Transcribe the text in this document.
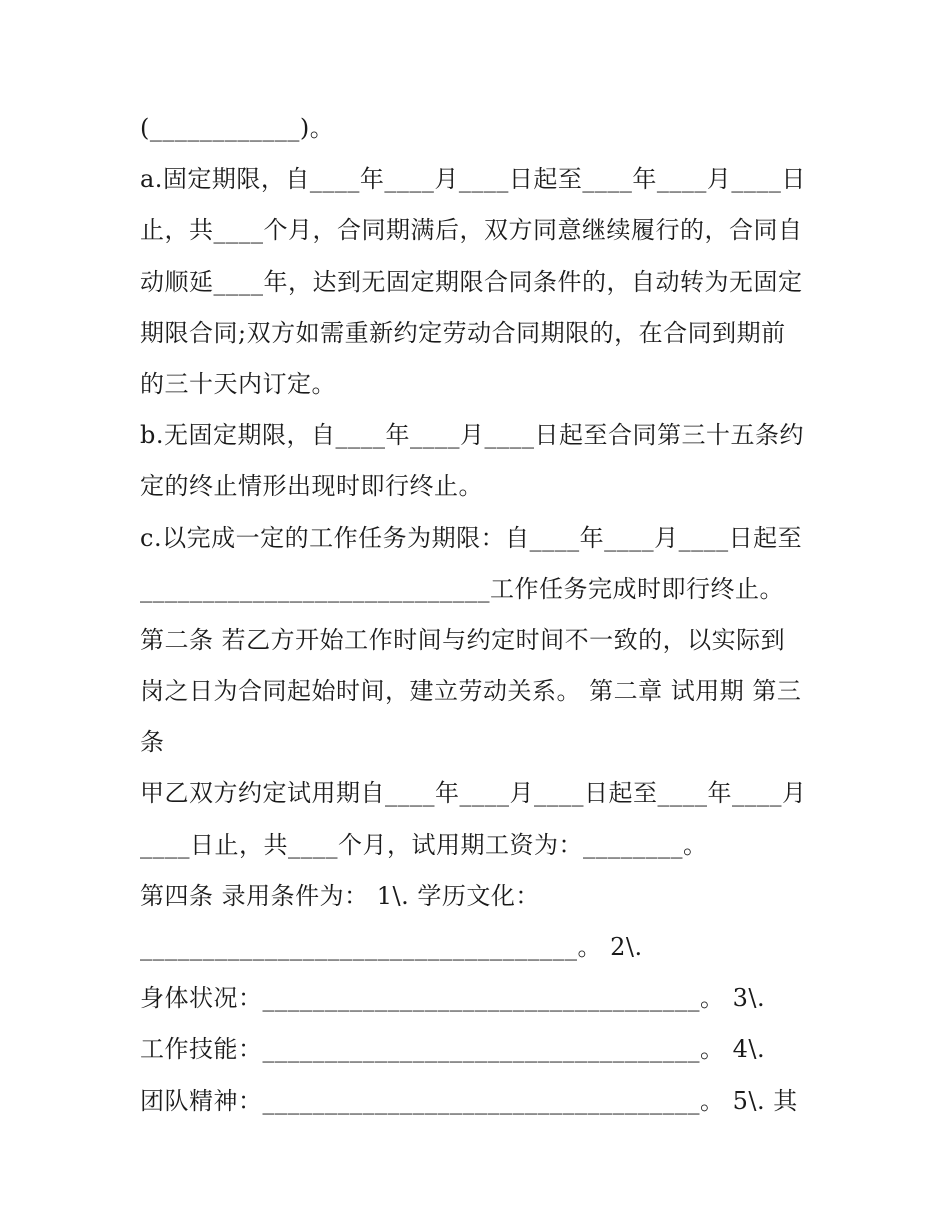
(____________)。
a.固定期限，自____年____月____日起至____年____月____日
止，共____个月，合同期满后，双方同意继续履行的，合同自
动顺延____年，达到无固定期限合同条件的，自动转为无固定
期限合同;双方如需重新约定劳动合同期限的，在合同到期前
的三十天内订定。
b.无固定期限，自____年____月____日起至合同第三十五条约
定的终止情形出现时即行终止。
c.以完成一定的工作任务为期限：自____年____月____日起至
____________________________工作任务完成时即行终止。
第二条 若乙方开始工作时间与约定时间不一致的，以实际到
岗之日为合同起始时间，建立劳动关系。 第二章 试用期 第三
条
甲乙双方约定试用期自____年____月____日起至____年____月
____日止，共____个月，试用期工资为：________。
第四条 录用条件为： 1\. 学历文化：
___________________________________。 2\.
身体状况：___________________________________。 3\.
工作技能：___________________________________。 4\.
团队精神：___________________________________。 5\. 其
